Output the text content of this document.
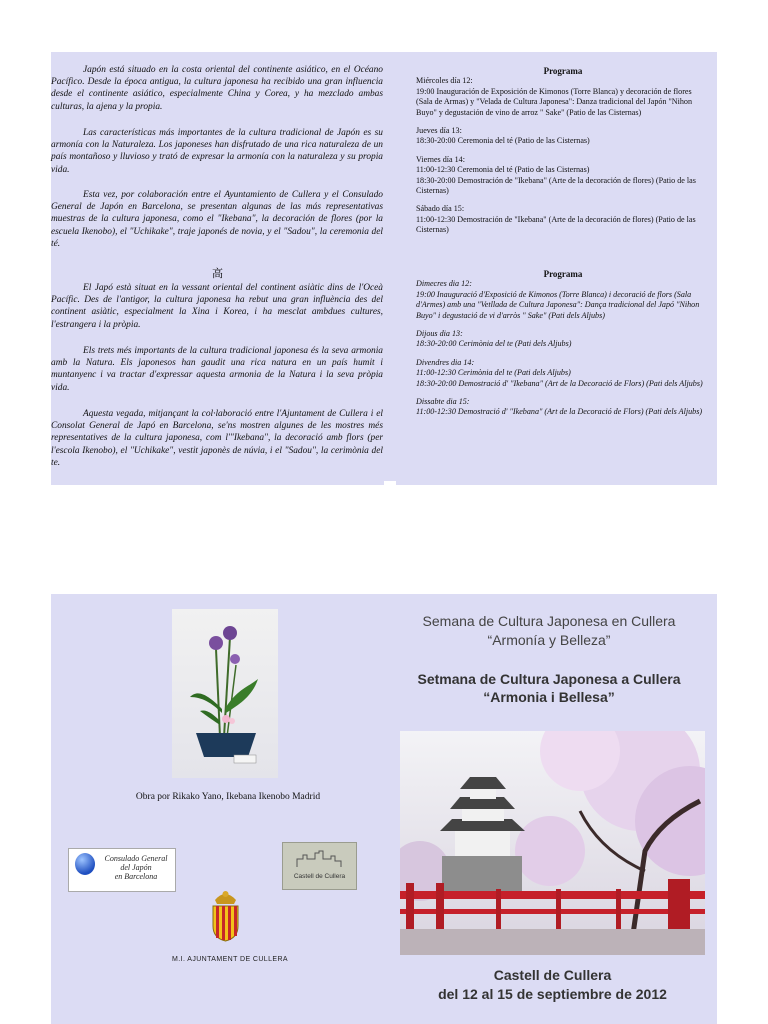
Japón está situado en la costa oriental del continente asiático, en el Océano Pacífico. Desde la época antigua, la cultura japonesa ha recibido una gran influencia desde el continente asiático, especialmente China y Corea, y ha mezclado ambas culturas, la ajena y la propia.

Las características más importantes de la cultura tradicional de Japón es su armonía con la Naturaleza. Los japoneses han disfrutado de una rica naturaleza de un país montañoso y lluvioso y trató de expresar la armonía con la naturaleza y su propia vida.

Esta vez, por colaboración entre el Ayuntamiento de Cullera y el Consulado General de Japón en Barcelona, se presentan algunas de las más representativas muestras de la cultura japonesa, como el "Ikebana", la decoración de flores (por la escuela Ikenobo), el "Uchikake", traje japonés de novia, y el "Sadou", la ceremonia del té.

⾼

El Japó està situat en la vessant oriental del continent asiàtic dins de l'Oceà Pacífic. Des de l'antigor, la cultura japonesa ha rebut una gran influència des del continent asiàtic, especialment la Xina i Korea, i ha mesclat ambdues cultures, l'estrangera i la pròpia.

Els trets més importants de la cultura tradicional japonesa és la seva armonia amb la Natura. Els japonesos han gaudit una rica natura en un país humit i muntanyenc i va tractar d'expressar aquesta armonia de la Natura i la seva pròpia vida.

Aquesta vegada, mitjançant la col·laboració entre l'Ajuntament de Cullera i el Consolat General de Japó en Barcelona, se'ns mostren algunes de les mostres més representatives de la cultura japonesa, com l'"Ikebana", la decoració amb flors (per l'escola Ikenobo), el "Uchikake", vestit japonès de núvia, i el "Sadou", la cerimònia del te.

Programa
Miércoles día 12:
19:00 Inauguración de Exposición de Kimonos (Torre Blanca) y decoración de flores (Sala de Armas) y "Velada de Cultura Japonesa": Danza tradicional del Japón "Nihon Buyo" y degustación de vino de arroz " Sake" (Patio de las Cisternas)
Jueves día 13:
18:30-20:00 Ceremonia del té (Patio de las Cisternas)
Viernes día 14:
11:00-12:30 Ceremonia del té (Patio de las Cisternas)
18:30-20:00 Demostración de "Ikebana" (Arte de la decoración de flores) (Patio de las Cisternas)
Sábado día 15:
11:00-12:30 Demostración de "Ikebana" (Arte de la decoración de flores) (Patio de las Cisternas)
Programa
Dimecres dia 12:
19:00 Inauguració d'Exposició de Kimonos (Torre Blanca) i decoració de flors (Sala d'Armes) amb una "Vetllada de Cultura Japonesa": Dança tradicional del Japó "Nihon Buyo" i degustació de vi d'arròs " Sake" (Pati dels Aljubs)
Dijous dia 13:
18:30-20:00 Cerimònia del te (Pati dels Aljubs)
Divendres dia 14:
11:00-12:30 Cerimònia del te (Pati dels Aljubs)
18:30-20:00 Demostració d' "Ikebana" (Art de la Decoració de Flors) (Pati dels Aljubs)
Dissabte dia 15:
11:00-12:30 Demostració d' "Ikebana" (Art de la Decoració de Flors) (Pati dels Aljubs)
Obra por Rikako Yano, Ikebana Ikenobo Madrid
Consulado General
del Japón
en Barcelona	Castell de Cullera
M.I. AJUNTAMENT DE CULLERA
Semana de Cultura Japonesa en Cullera
“Armonía y Belleza”
Setmana de Cultura Japonesa a Cullera
“Armonia i Bellesa”
Castell de Cullera
del 12 al 15 de septiembre de 2012
